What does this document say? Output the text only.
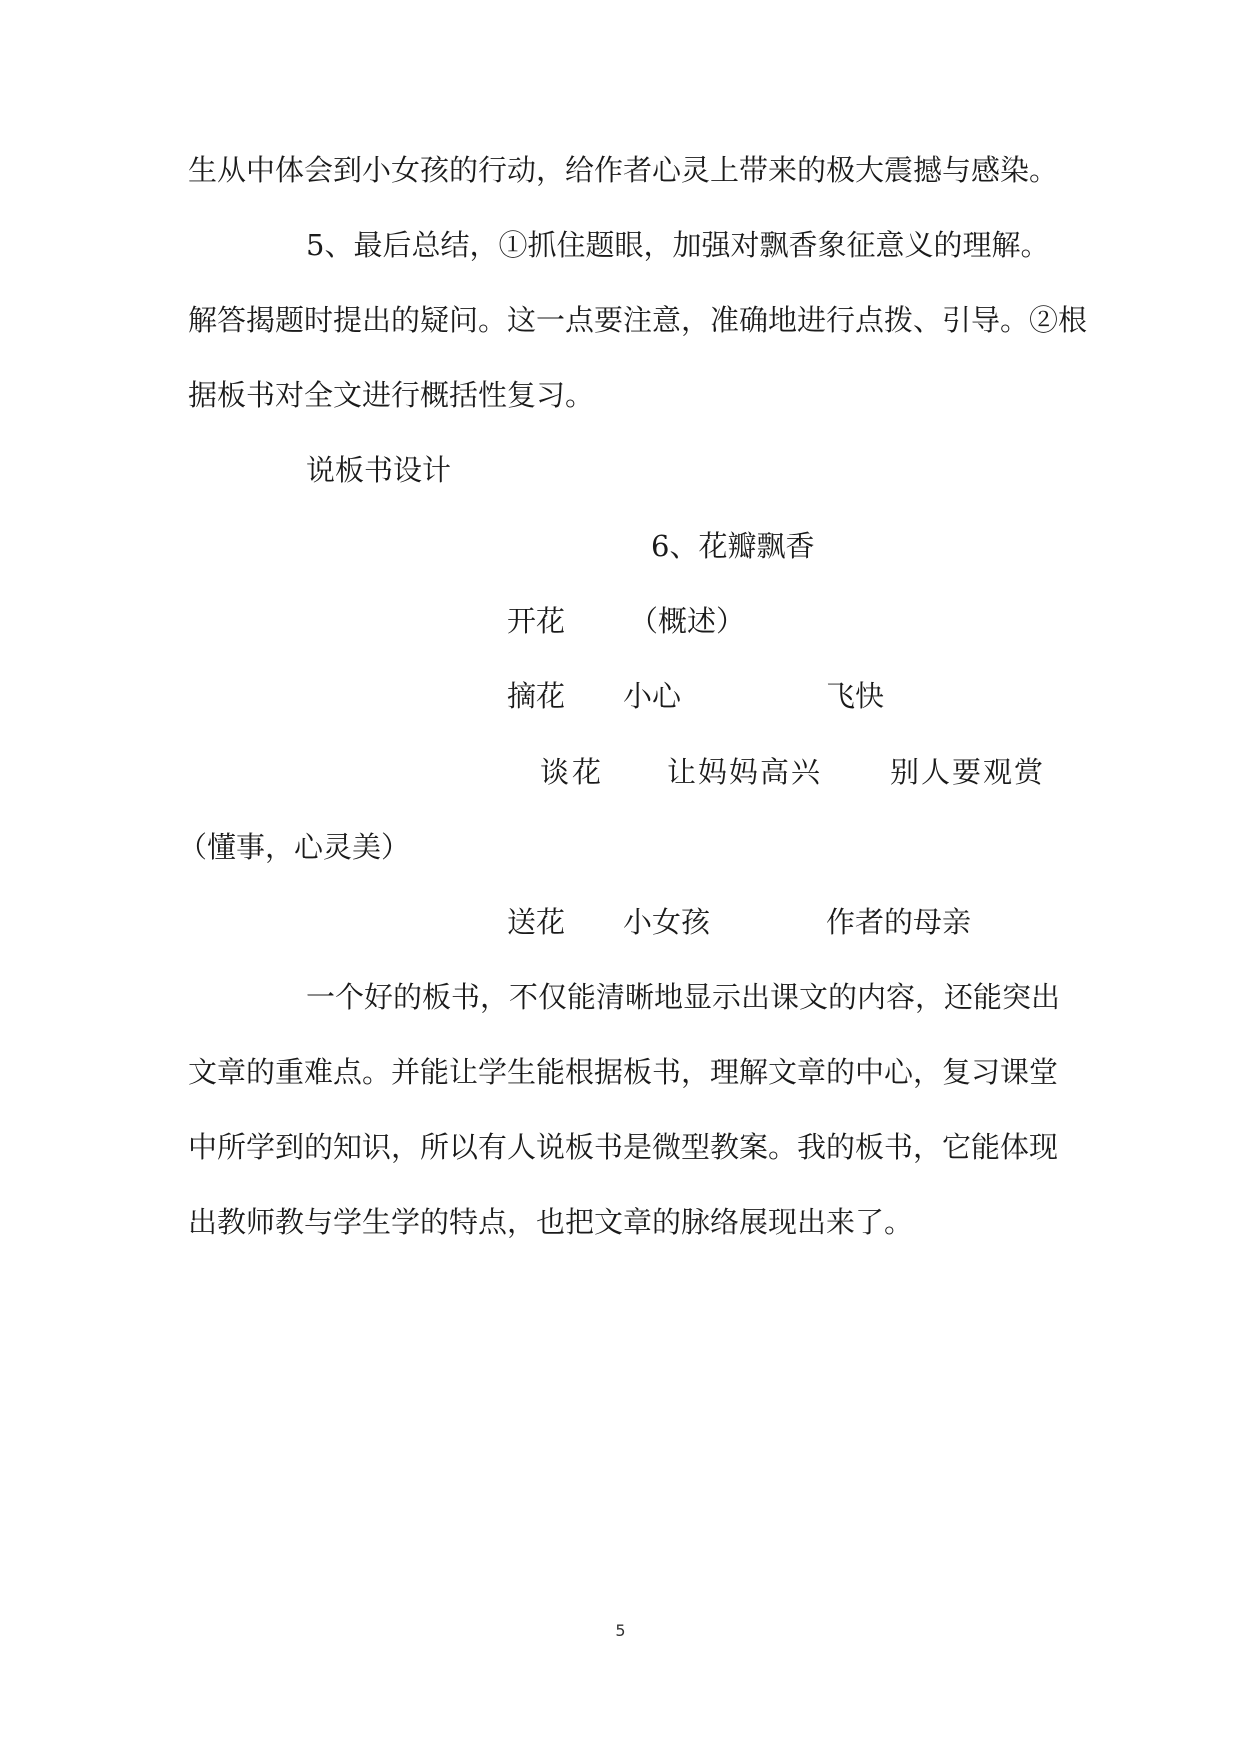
生从中体会到小女孩的行动，给作者心灵上带来的极大震撼与感染。
5、最后总结，①抓住题眼，加强对飘香象征意义的理解。
解答揭题时提出的疑问。这一点要注意，准确地进行点拨、引导。②根
据板书对全文进行概括性复习。
说板书设计
6、花瓣飘香
开花 （概述）
摘花 小心	飞快
谈花 让妈妈高兴 别人要观赏
（懂事，心灵美）
送花 小女孩	作者的母亲
一个好的板书，不仅能清晰地显示出课文的内容，还能突出
文章的重难点。并能让学生能根据板书，理解文章的中心，复习课堂
中所学到的知识，所以有人说板书是微型教案。我的板书，它能体现
出教师教与学生学的特点，也把文章的脉络展现出来了。
5
